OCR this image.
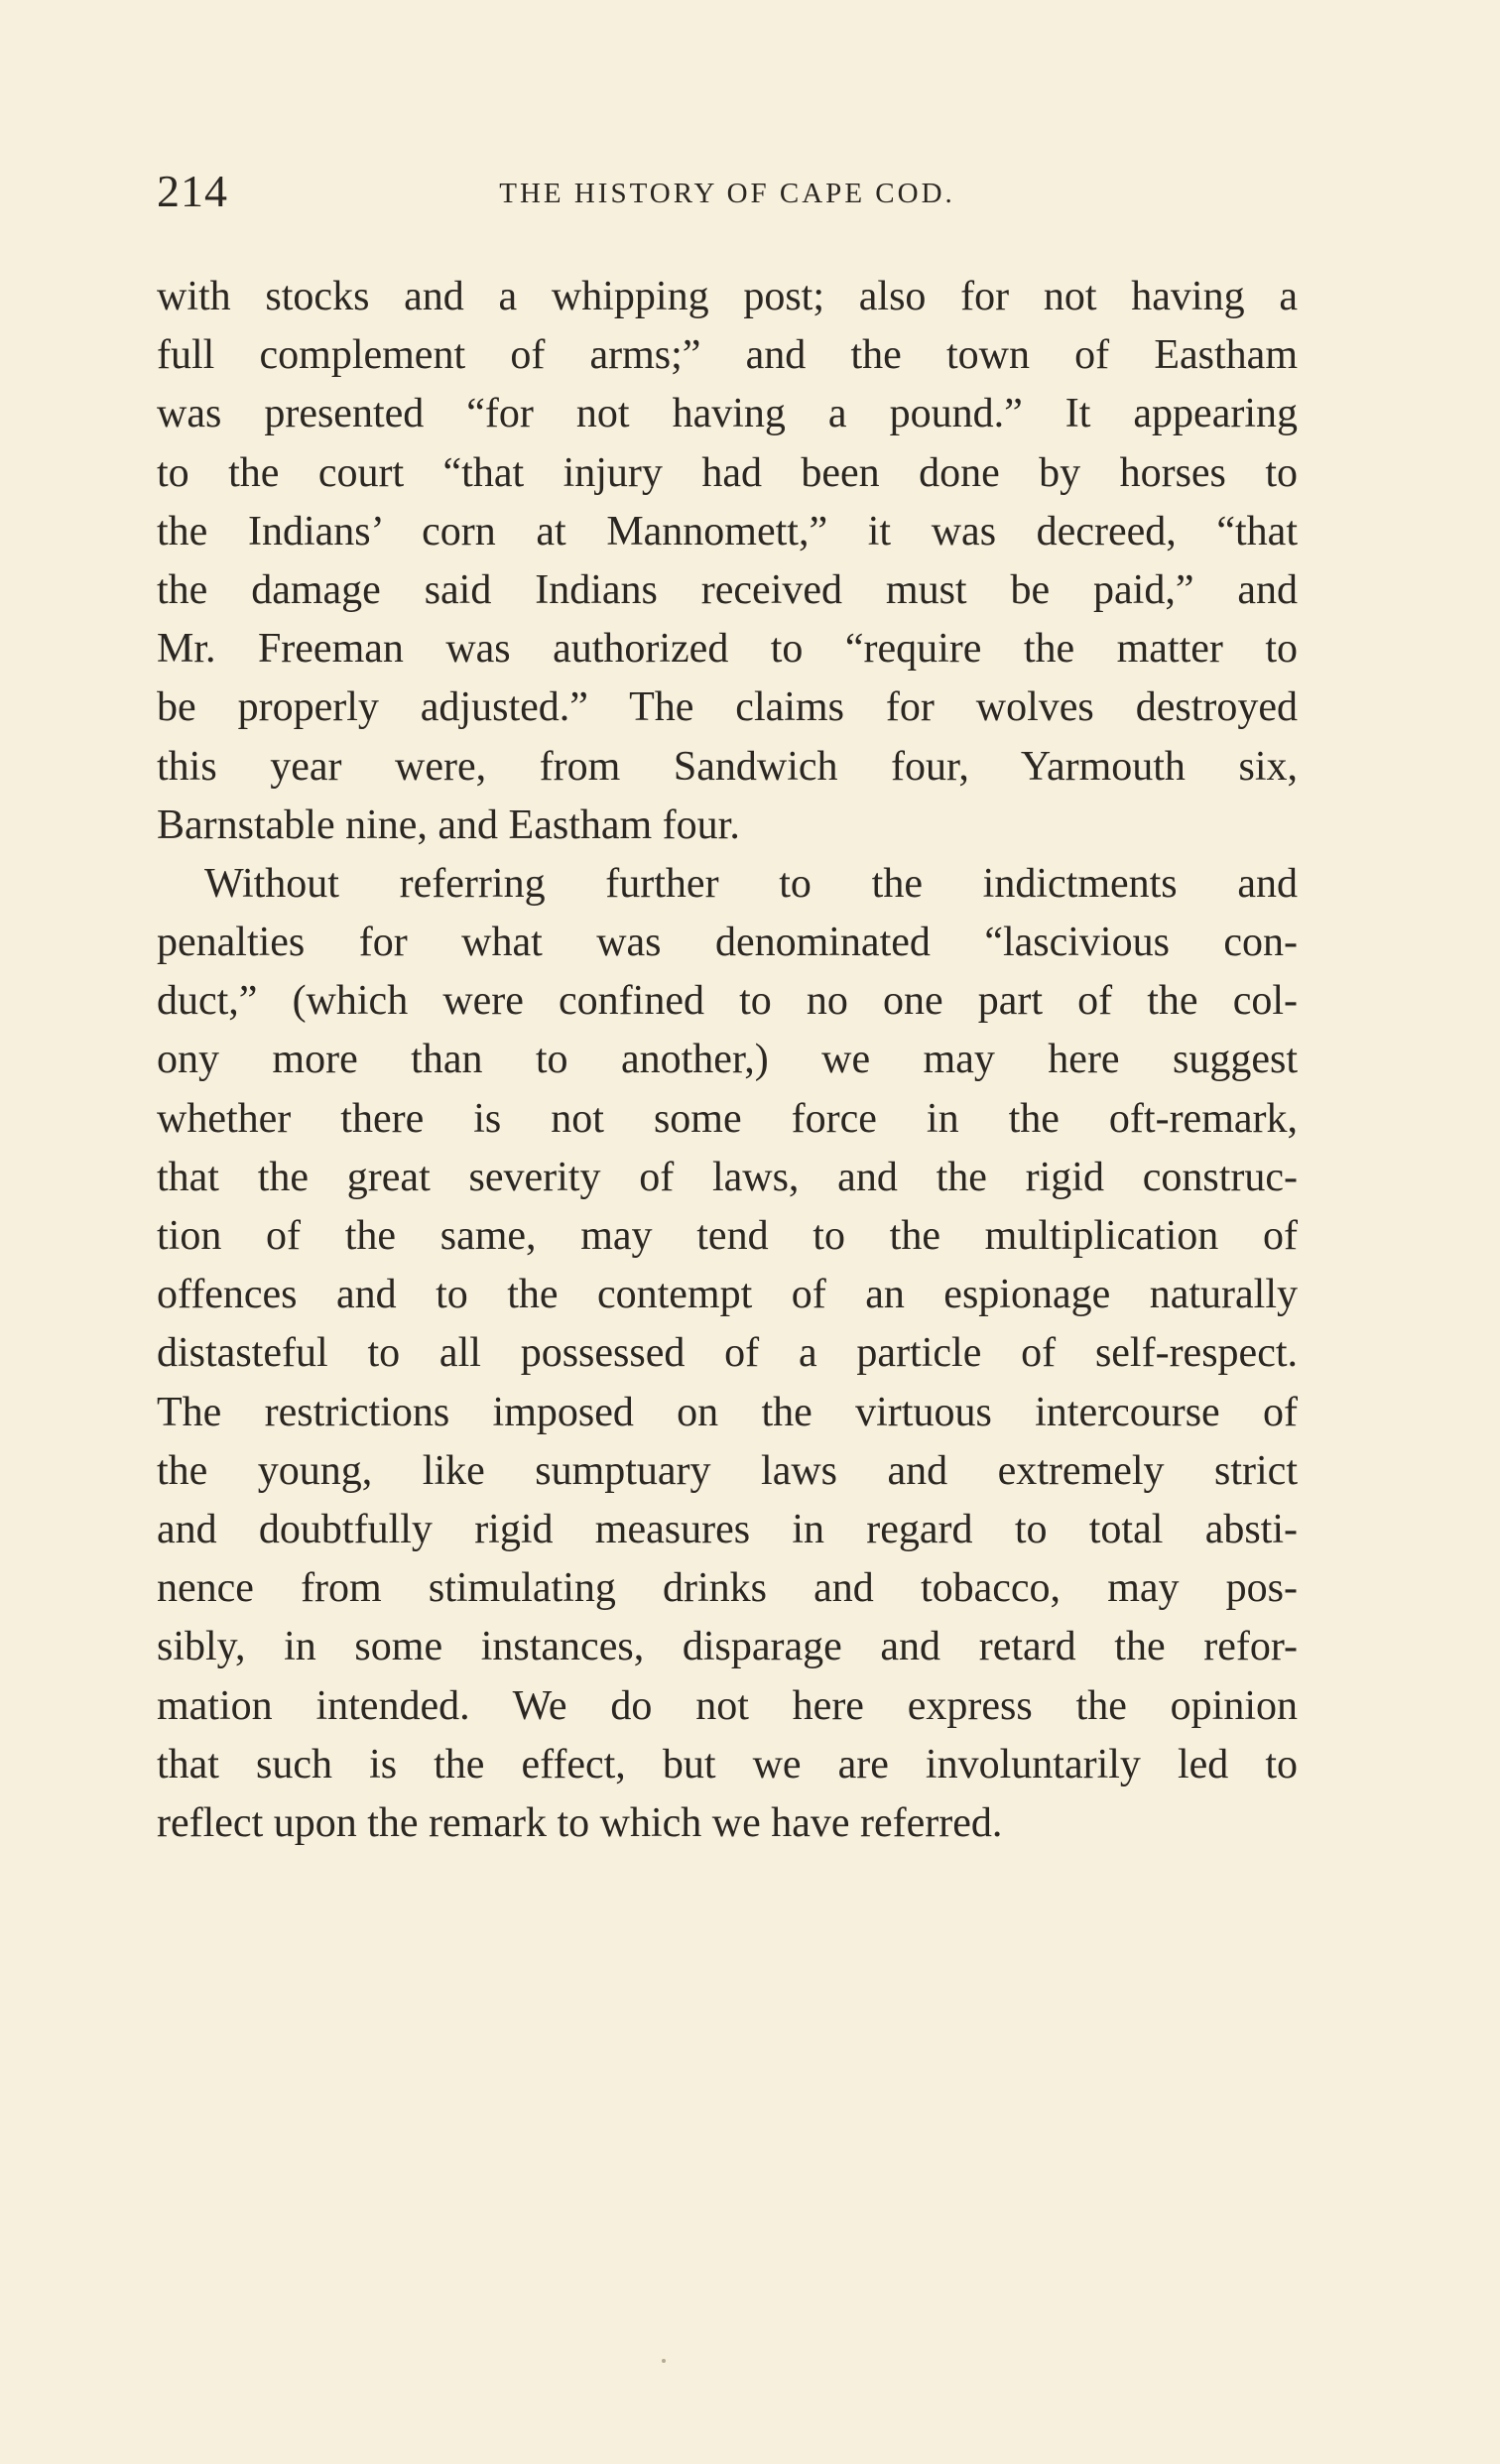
214	THE HISTORY OF CAPE COD.
with stocks and a whipping post; also for not having a
full complement of arms;” and the town of Eastham
was presented “for not having a pound.” It appearing
to the court “that injury had been done by horses to
the Indians’ corn at Mannomett,” it was decreed, “that
the damage said Indians received must be paid,” and
Mr. Freeman was authorized to “require the matter to
be properly adjusted.” The claims for wolves destroyed
this year were, from Sandwich four, Yarmouth six,
Barnstable nine, and Eastham four.
Without referring further to the indictments and
penalties for what was denominated “lascivious con-
duct,” (which were confined to no one part of the col-
ony more than to another,) we may here suggest
whether there is not some force in the oft-remark,
that the great severity of laws, and the rigid construc-
tion of the same, may tend to the multiplication of
offences and to the contempt of an espionage naturally
distasteful to all possessed of a particle of self-respect.
The restrictions imposed on the virtuous intercourse of
the young, like sumptuary laws and extremely strict
and doubtfully rigid measures in regard to total absti-
nence from stimulating drinks and tobacco, may pos-
sibly, in some instances, disparage and retard the refor-
mation intended. We do not here express the opinion
that such is the effect, but we are involuntarily led to
reflect upon the remark to which we have referred.
